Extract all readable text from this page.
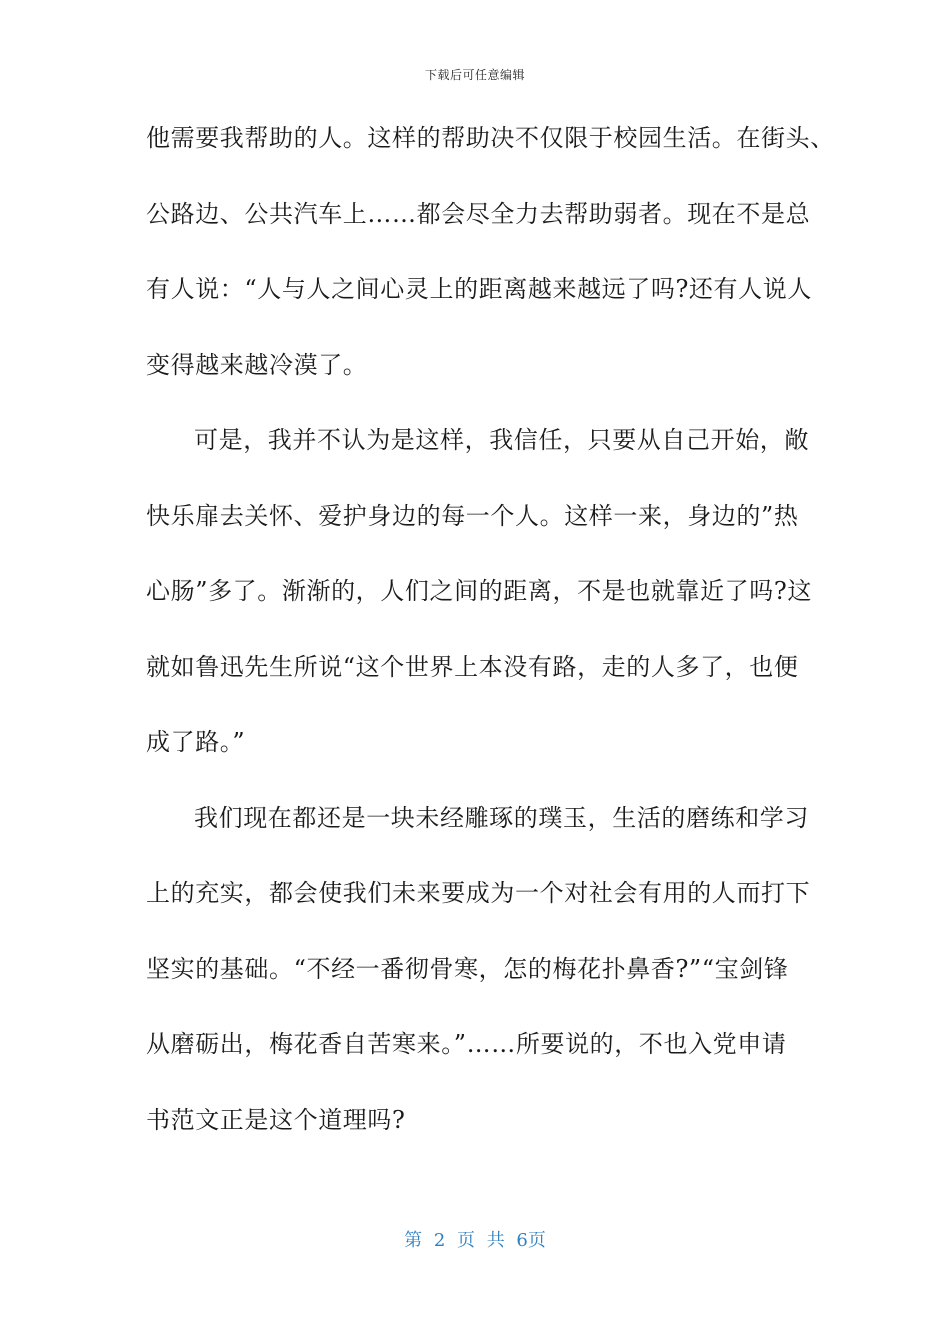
下载后可任意编辑
他需要我帮助的人。这样的帮助决不仅限于校园生活。在街头、
公路边、公共汽车上……都会尽全力去帮助弱者。现在不是总
有人说：“人与人之间心灵上的距离越来越远了吗?还有人说人
变得越来越冷漠了。
可是，我并不认为是这样，我信任，只要从自己开始，敞
快乐扉去关怀、爱护身边的每一个人。这样一来，身边的”热
心肠”多了。渐渐的，人们之间的距离，不是也就靠近了吗?这
就如鲁迅先生所说“这个世界上本没有路，走的人多了，也便
成了路。”
我们现在都还是一块未经雕琢的璞玉，生活的磨练和学习
上的充实，都会使我们未来要成为一个对社会有用的人而打下
坚实的基础。“不经一番彻骨寒，怎的梅花扑鼻香?”“宝剑锋
从磨砺出，梅花香自苦寒来。”……所要说的，不也入党申请
书范文正是这个道理吗?
第 2 页 共 6页
